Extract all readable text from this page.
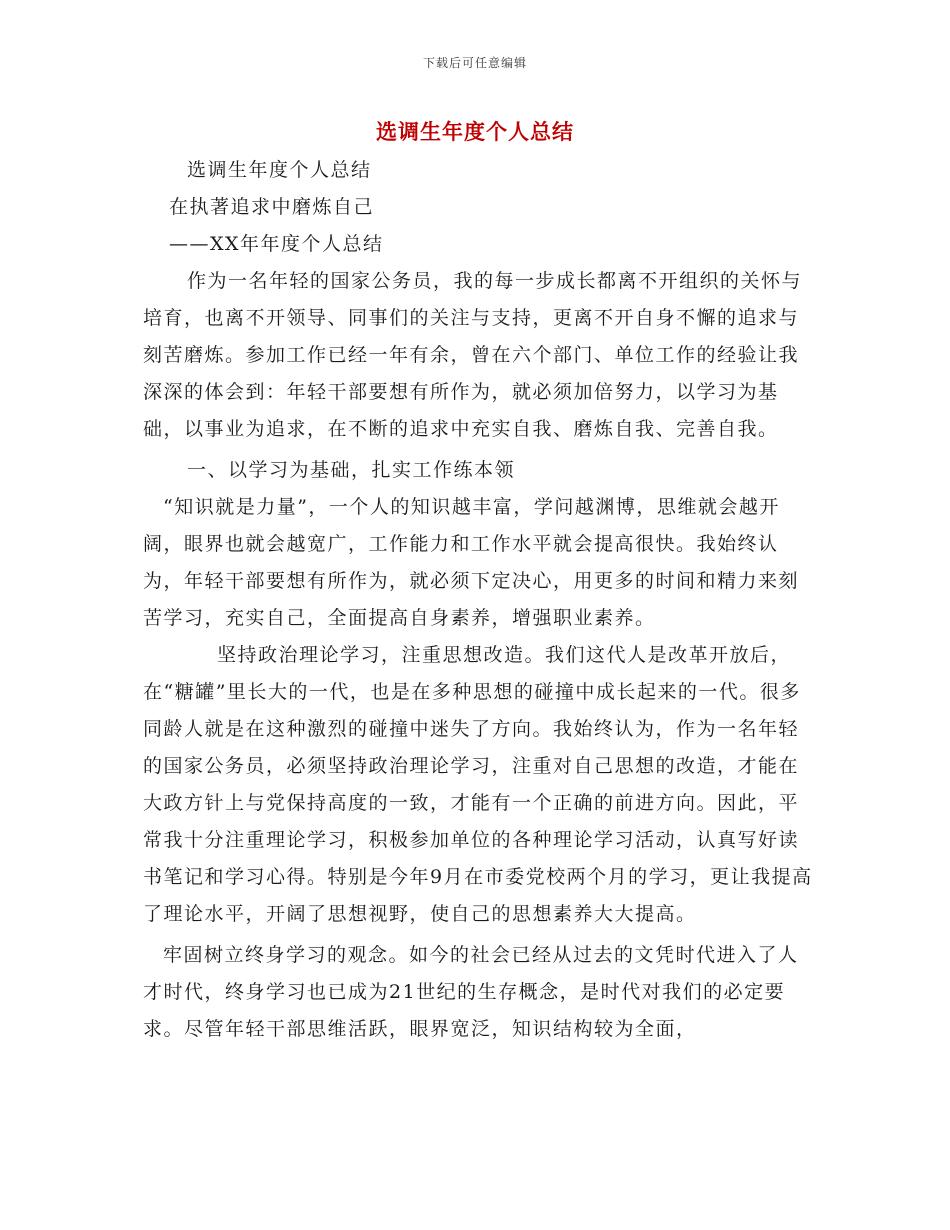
下载后可任意编辑
选调生年度个人总结

选调生年度个人总结

在执著追求中磨炼自己

——XX年年度个人总结

作为一名年轻的国家公务员，我的每一步成长都离不开组织的关怀与培育，也离不开领导、同事们的关注与支持，更离不开自身不懈的追求与刻苦磨炼。参加工作已经一年有余，曾在六个部门、单位工作的经验让我深深的体会到：年轻干部要想有所作为，就必须加倍努力，以学习为基础，以事业为追求，在不断的追求中充实自我、磨炼自我、完善自我。

一、以学习为基础，扎实工作练本领

“知识就是力量”，一个人的知识越丰富，学问越渊博，思维就会越开阔，眼界也就会越宽广，工作能力和工作水平就会提高很快。我始终认为，年轻干部要想有所作为，就必须下定决心，用更多的时间和精力来刻苦学习，充实自己，全面提高自身素养，增强职业素养。

坚持政治理论学习，注重思想改造。我们这代人是改革开放后，在“糖罐”里长大的一代，也是在多种思想的碰撞中成长起来的一代。很多同龄人就是在这种激烈的碰撞中迷失了方向。我始终认为，作为一名年轻的国家公务员，必须坚持政治理论学习，注重对自己思想的改造，才能在大政方针上与党保持高度的一致，才能有一个正确的前进方向。因此，平常我十分注重理论学习，积极参加单位的各种理论学习活动，认真写好读书笔记和学习心得。特别是今年9月在市委党校两个月的学习，更让我提高了理论水平，开阔了思想视野，使自己的思想素养大大提高。

牢固树立终身学习的观念。如今的社会已经从过去的文凭时代进入了人才时代，终身学习也已成为21世纪的生存概念，是时代对我们的必定要求。尽管年轻干部思维活跃，眼界宽泛，知识结构较为全面，
